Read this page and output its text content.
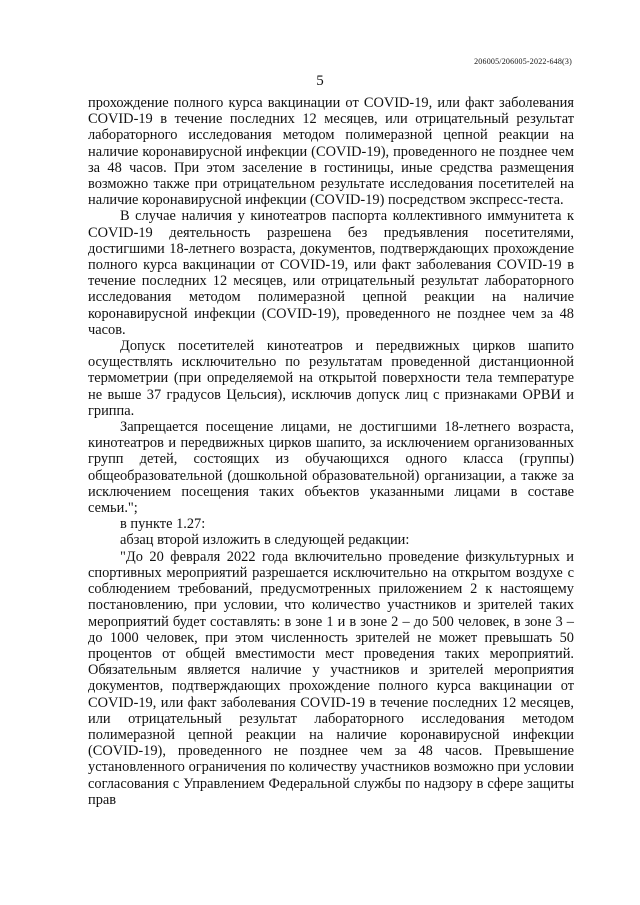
206005/206005-2022-648(3)
5

прохождение полного курса вакцинации от COVID-19, или факт заболевания COVID-19 в течение последних 12 месяцев, или отрицательный результат лабораторного исследования методом полимеразной цепной реакции на наличие коронавирусной инфекции (COVID-19), проведенного не позднее чем за 48 часов. При этом заселение в гостиницы, иные средства размещения возможно также при отрицательном результате исследования посетителей на наличие коронавирусной инфекции (COVID-19) посредством экспресс-теста.

В случае наличия у кинотеатров паспорта коллективного иммунитета к COVID-19 деятельность разрешена без предъявления посетителями, достигшими 18-летнего возраста, документов, подтверждающих прохождение полного курса вакцинации от COVID-19, или факт заболевания COVID-19 в течение последних 12 месяцев, или отрицательный результат лабораторного исследования методом полимеразной цепной реакции на наличие коронавирусной инфекции (COVID-19), проведенного не позднее чем за 48 часов.

Допуск посетителей кинотеатров и передвижных цирков шапито осуществлять исключительно по результатам проведенной дистанционной термометрии (при определяемой на открытой поверхности тела температуре не выше 37 градусов Цельсия), исключив допуск лиц с признаками ОРВИ и гриппа.

Запрещается посещение лицами, не достигшими 18-летнего возраста, кинотеатров и передвижных цирков шапито, за исключением организованных групп детей, состоящих из обучающихся одного класса (группы) общеобразовательной (дошкольной образовательной) организации, а также за исключением посещения таких объектов указанными лицами в составе семьи.";

в пункте 1.27:

абзац второй изложить в следующей редакции:

"До 20 февраля 2022 года включительно проведение физкультурных и спортивных мероприятий разрешается исключительно на открытом воздухе с соблюдением требований, предусмотренных приложением 2 к настоящему постановлению, при условии, что количество участников и зрителей таких мероприятий будет составлять: в зоне 1 и в зоне 2 – до 500 человек, в зоне 3 – до 1000 человек, при этом численность зрителей не может превышать 50 процентов от общей вместимости мест проведения таких мероприятий. Обязательным является наличие у участников и зрителей мероприятия документов, подтверждающих прохождение полного курса вакцинации от COVID-19, или факт заболевания COVID-19 в течение последних 12 месяцев, или отрицательный результат лабораторного исследования методом полимеразной цепной реакции на наличие коронавирусной инфекции (COVID-19), проведенного не позднее чем за 48 часов. Превышение установленного ограничения по количеству участников возможно при условии согласования с Управлением Федеральной службы по надзору в сфере защиты прав
